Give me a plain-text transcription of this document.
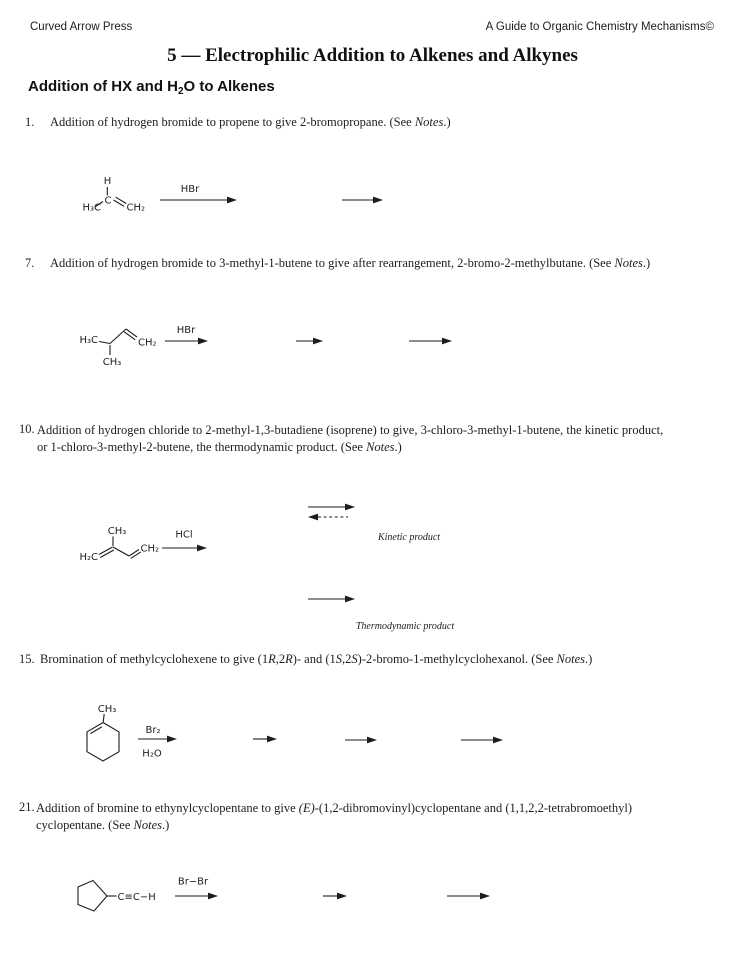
Curved Arrow Press	A Guide to Organic Chemistry Mechanisms©
5 — Electrophilic Addition to Alkenes and Alkynes
Addition of HX and $H_2O$ to Alkenes
1. Addition of hydrogen bromide to propene to give 2-bromopropane. (See Notes.)
H
C
H₃C	CH₂
HBr
7. Addition of hydrogen bromide to 3-methyl-1-butene to give after rearrangement, 2-bromo-2-methylbutane. (See Notes.)
H₃C	CH₂
CH₃
HBr
10. Addition of hydrogen chloride to 2-methyl-1,3-butadiene (isoprene) to give, 3-chloro-3-methyl-1-butene, the kinetic product,
or 1-chloro-3-methyl-2-butene, the thermodynamic product. (See Notes.)
CH₃
H₂C
CH₂
HCl	Kinetic product
Thermodynamic product
15. Bromination of methylcyclohexene to give (1R,2R)- and (1S,2S)-2-bromo-1-methylcyclohexanol. (See Notes.)
CH₃
Br₂
H₂O
21. Addition of bromine to ethynylcyclopentane to give (E)-(1,2-dibromovinyl)cyclopentane and (1,1,2,2-tetrabromoethyl)
cyclopentane. (See Notes.)
C≡C−H
Br−Br
